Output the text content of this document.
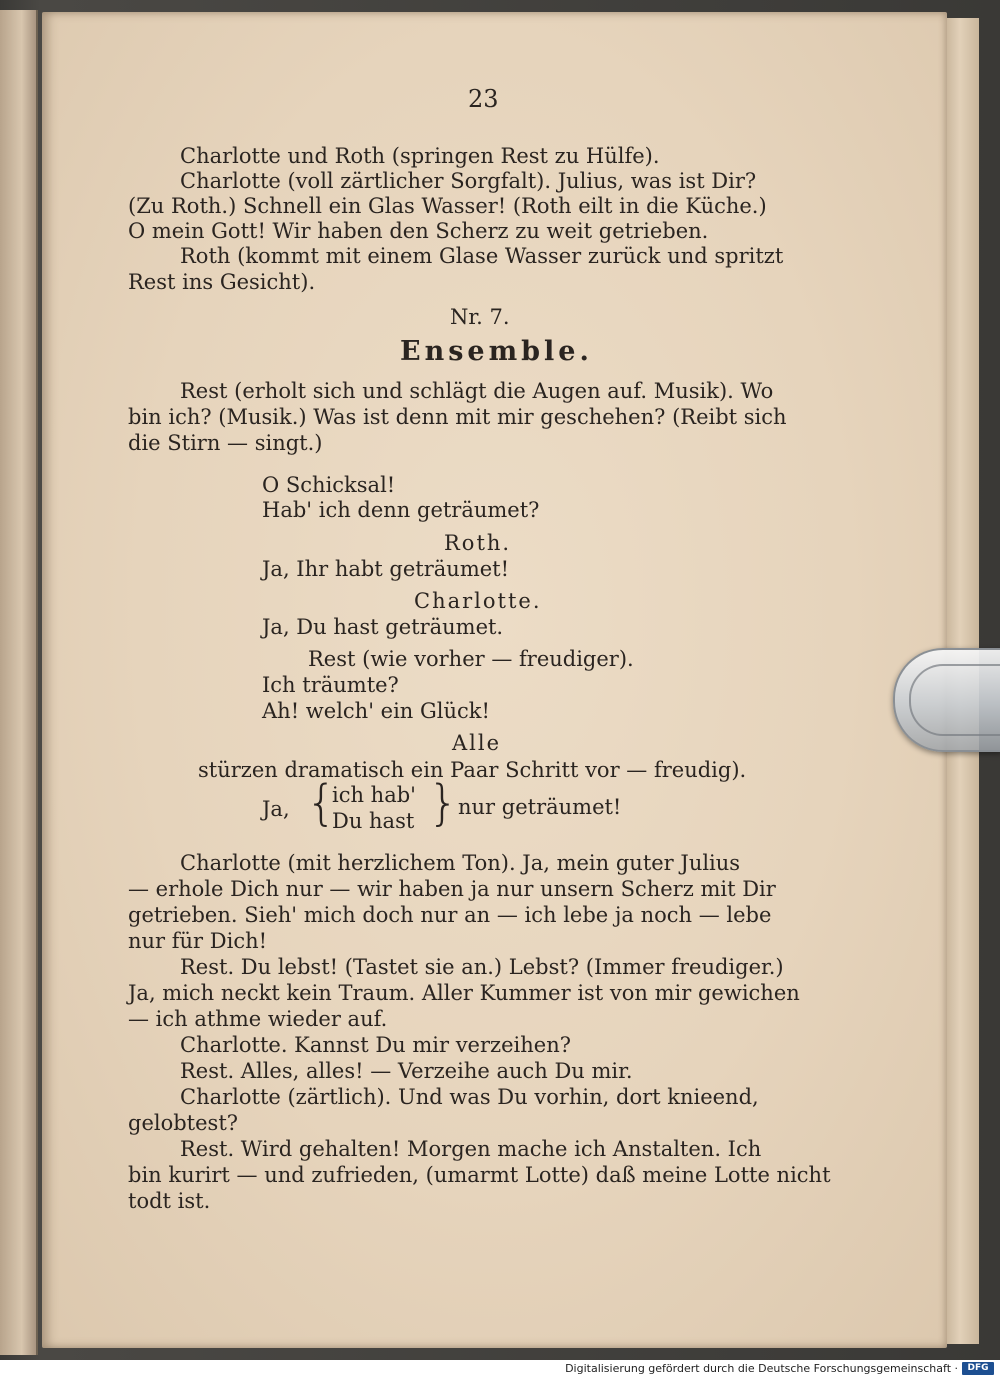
23
Charlotte und Roth (springen Rest zu Hülfe).
Charlotte (voll zärtlicher Sorgfalt). Julius, was ist Dir?
(Zu Roth.) Schnell ein Glas Wasser! (Roth eilt in die Küche.)
O mein Gott! Wir haben den Scherz zu weit getrieben.
Roth (kommt mit einem Glase Wasser zurück und spritzt
Rest ins Gesicht).
Nr. 7.
Ensemble.
Rest (erholt sich und schlägt die Augen auf. Musik). Wo
bin ich? (Musik.) Was ist denn mit mir geschehen? (Reibt sich
die Stirn — singt.)
O Schicksal!
Hab' ich denn geträumet?
Roth.
Ja, Ihr habt geträumet!
Charlotte.
Ja, Du hast geträumet.
Rest (wie vorher — freudiger).
Ich träumte?
Ah! welch' ein Glück!
Alle
stürzen dramatisch ein Paar Schritt vor — freudig).
Ja, {
ich hab'
Du hast } nur geträumet!
Charlotte (mit herzlichem Ton). Ja, mein guter Julius
— erhole Dich nur — wir haben ja nur unsern Scherz mit Dir
getrieben. Sieh' mich doch nur an — ich lebe ja noch — lebe
nur für Dich!
Rest. Du lebst! (Tastet sie an.) Lebst? (Immer freudiger.)
Ja, mich neckt kein Traum. Aller Kummer ist von mir gewichen
— ich athme wieder auf.
Charlotte. Kannst Du mir verzeihen?
Rest. Alles, alles! — Verzeihe auch Du mir.
Charlotte (zärtlich). Und was Du vorhin, dort knieend,
gelobtest?
Rest. Wird gehalten! Morgen mache ich Anstalten. Ich
bin kurirt — und zufrieden, (umarmt Lotte) daß meine Lotte nicht
todt ist.
Digitalisierung gefördert durch die Deutsche Forschungsgemeinschaft ·	DFG
